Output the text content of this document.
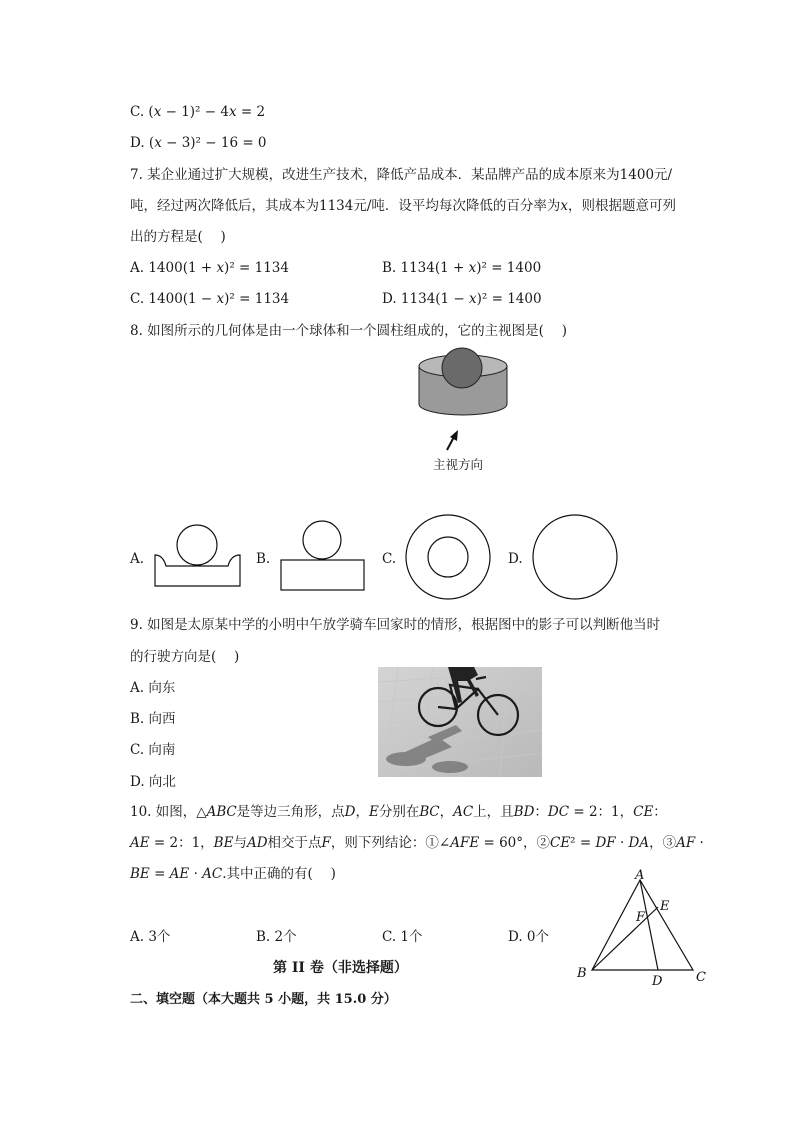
C. (𝑥 − 1)² − 4𝑥 = 2
D. (𝑥 − 3)² − 16 = 0
7. 某企业通过扩大规模，改进生产技术，降低产品成本．某品牌产品的成本原来为1400元/
吨，经过两次降低后，其成本为1134元/吨．设平均每次降低的百分率为𝑥，则根据题意可列
出的方程是(　 )
A. 1400(1 + 𝑥)² = 1134	B. 1134(1 + 𝑥)² = 1400
C. 1400(1 − 𝑥)² = 1134	D. 1134(1 − 𝑥)² = 1400
8. 如图所示的几何体是由一个球体和一个圆柱组成的，它的主视图是(　 )
主视方向
A.	B.	C.	D.
9. 如图是太原某中学的小明中午放学骑车回家时的情形，根据图中的影子可以判断他当时
的行驶方向是(　 )
A. 向东
B. 向西
C. 向南
D. 向北
10. 如图，△𝐴𝐵𝐶是等边三角形，点𝐷，𝐸分别在𝐵𝐶，𝐴𝐶上，且𝐵𝐷：𝐷𝐶 = 2：1，𝐶𝐸：
𝐴𝐸 = 2：1，𝐵𝐸与𝐴𝐷相交于点𝐹，则下列结论：①∠𝐴𝐹𝐸 = 60°，②𝐶𝐸² = 𝐷𝐹 · 𝐷𝐴，③𝐴𝐹 ·
𝐵𝐸 = 𝐴𝐸 · 𝐴𝐶.其中正确的有(　 )
A. 3个	B. 2个	C. 1个	D. 0个
A
B	C
D
E
F
第 II 卷（非选择题）
二、填空题（本大题共 5 小题，共 15.0 分）
